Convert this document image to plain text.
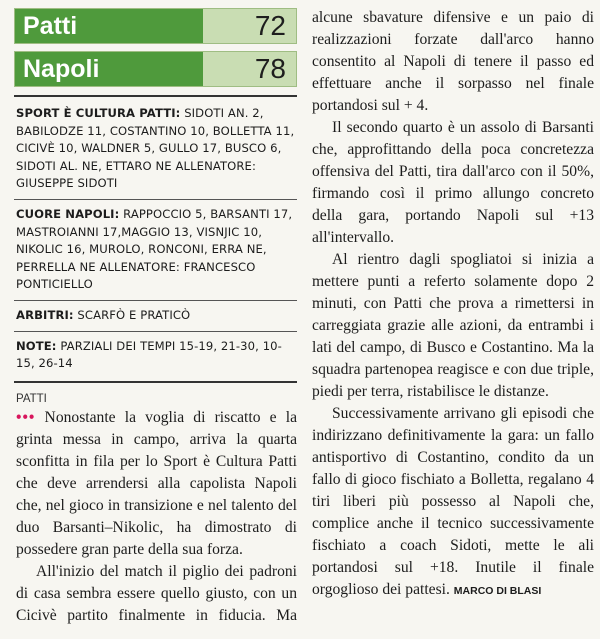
Patti	72
Napoli	78
SPORT È CULTURA PATTI: SIDOTI AN. 2, BABILODZE 11, COSTANTINO 10, BOLLETTA 11, CICIVÈ 10, WALDNER 5, GULLO 17, BUSCO 6, SIDOTI AL. NE, ETTARO NE ALLENATORE: GIUSEPPE SIDOTI
CUORE NAPOLI: RAPPOCCIO 5, BARSANTI 17, MASTROIANNI 17,MAGGIO 13, VISNJIC 10, NIKOLIC 16, MUROLO, RONCONI, ERRA NE, PERRELLA NE ALLENATORE: FRANCESCO PONTICIELLO
ARBITRI: SCARFÒ E PRATICÒ
NOTE: PARZIALI DEI TEMPI 15-19, 21-30, 10-15, 26-14
PATTI

••• Nonostante la voglia di riscatto e la grinta messa in campo, arriva la quarta sconfitta in fila per lo Sport è Cultura Patti che deve arrendersi alla capolista Napoli che, nel gioco in transizione e nel talento del duo Barsanti–Nikolic, ha dimostrato di possedere gran parte della sua forza.

All'inizio del match il piglio dei padroni di casa sembra essere quello giusto, con un Cicivè partito finalmente in fiducia. Ma

alcune sbavature difensive e un paio di realizzazioni forzate dall'arco hanno consentito al Napoli di tenere il passo ed effettuare anche il sorpasso nel finale portandosi sul + 4.

Il secondo quarto è un assolo di Barsanti che, approfittando della poca concretezza offensiva del Patti, tira dall'arco con il 50%, firmando così il primo allungo concreto della gara, portando Napoli sul +13 all'intervallo.

Al rientro dagli spogliatoi si inizia a mettere punti a referto solamente dopo 2 minuti, con Patti che prova a rimettersi in carreggiata grazie alle azioni, da entrambi i lati del campo, di Busco e Costantino. Ma la squadra partenopea reagisce e con due triple, piedi per terra, ristabilisce le distanze.

Successivamente arrivano gli episodi che indirizzano definitivamente la gara: un fallo antisportivo di Costantino, condito da un fallo di gioco fischiato a Bolletta, regalano 4 tiri liberi più possesso al Napoli che, complice anche il tecnico successivamente fischiato a coach Sidoti, mette le ali portandosi sul +18. Inutile il finale orgoglioso dei pattesi. MARCO DI BLASI
